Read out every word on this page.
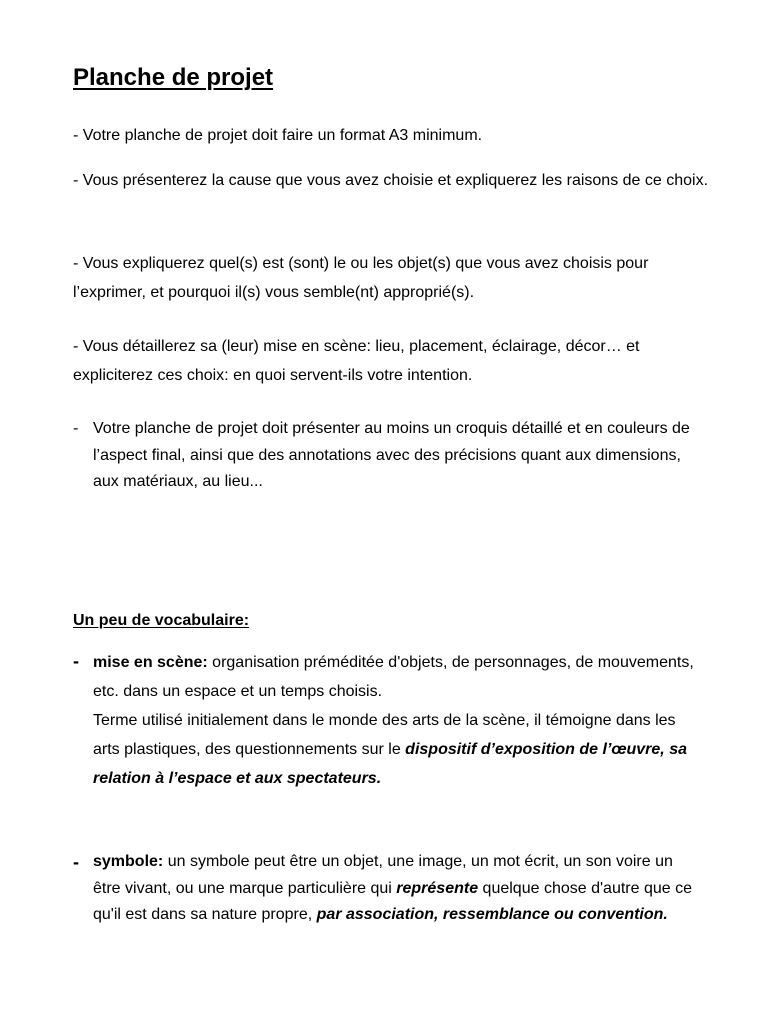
Planche de projet

- Votre planche de projet doit faire un format A3 minimum.

- Vous présenterez la cause que vous avez choisie et expliquerez les raisons de ce choix.

- Vous expliquerez quel(s) est (sont) le ou les objet(s) que vous avez choisis pour l’exprimer, et pourquoi il(s) vous semble(nt) approprié(s).

- Vous détaillerez sa (leur) mise en scène: lieu, placement, éclairage, décor… et expliciterez ces choix: en quoi servent-ils votre intention.

- Votre planche de projet doit présenter au moins un croquis détaillé et en couleurs de l’aspect final, ainsi que des annotations avec des précisions quant aux dimensions, aux matériaux, au lieu...
Un peu de vocabulaire:
- mise en scène: organisation préméditée d'objets, de personnages, de mouvements, etc. dans un espace et un temps choisis.

Terme utilisé initialement dans le monde des arts de la scène, il témoigne dans les arts plastiques, des questionnements sur le dispositif d’exposition de l’œuvre, sa relation à l’espace et aux spectateurs.

- symbole: un symbole peut être un objet, une image, un mot écrit, un son voire un être vivant, ou une marque particulière qui représente quelque chose d'autre que ce qu'il est dans sa nature propre, par association, ressemblance ou convention.
